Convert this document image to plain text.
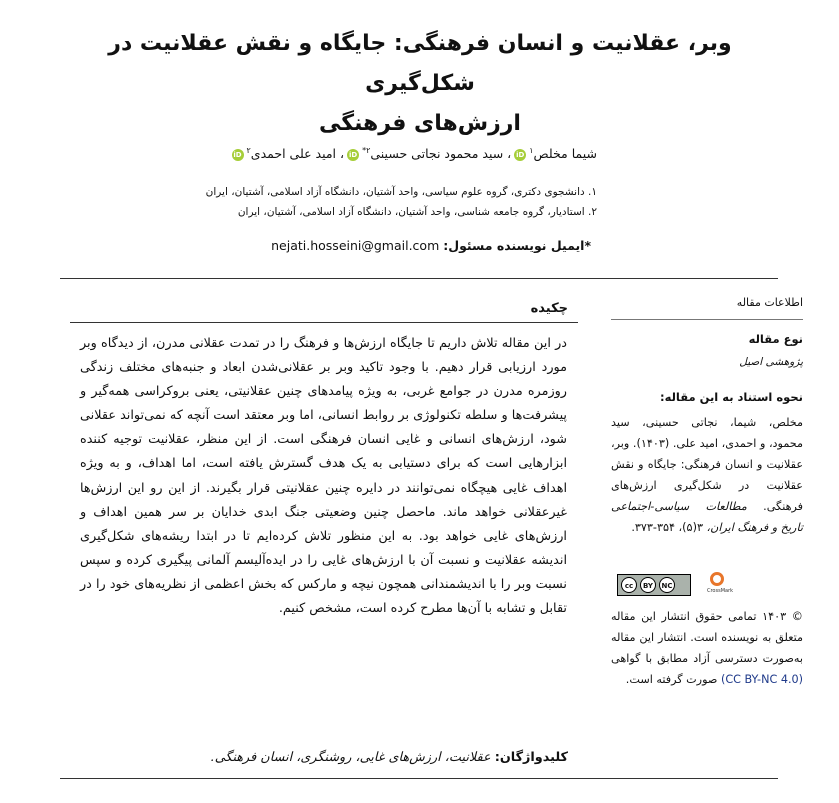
وبر، عقلانیت و انسان فرهنگی: جایگاه و نقش عقلانیت در شکل‌گیری
ارزش‌های فرهنگی
شیما مخلص$^۱$iD، سید محمود نجاتی حسینی$^{۲*}$iD، امید علی احمدی$^۲$iD
۱. دانشجوی دکتری، گروه علوم سیاسی، واحد آشتیان، دانشگاه آزاد اسلامی، آشتیان، ایران
۲. استادیار، گروه جامعه شناسی، واحد آشتیان، دانشگاه آزاد اسلامی، آشتیان، ایران
*ایمیل نویسنده مسئول: nejati.hosseini@gmail.com
اطلاعات مقاله
نوع مقاله
پژوهشی اصیل
نحوه استناد به این مقاله:
مخلص، شیما، نجاتی حسینی، سید محمود، و احمدی، امید علی. (۱۴۰۳). وبر، عقلانیت و انسان فرهنگی: جایگاه و نقش عقلانیت در شکل‌گیری ارزش‌های فرهنگی. مطالعات سیاسی-اجتماعی تاریخ و فرهنگ ایران، ۳(۵)، ۳۵۴-۳۷۳.
cc	BY	NC
CrossMark
© ۱۴۰۳ تمامی حقوق انتشار این مقاله متعلق به نویسنده است. انتشار این مقاله به‌صورت دسترسی آزاد مطابق با گواهی (CC BY-NC 4.0) صورت گرفته است.
چکیده

در این مقاله تلاش داریم تا جایگاه ارزش‌ها و فرهنگ را در تمدت عقلانی مدرن، از دیدگاه وبر مورد ارزیابی قرار دهیم. با وجود تاکید وبر بر عقلانی‌شدن ابعاد و جنبه‌های مختلف زندگی روزمره مدرن در جوامع غربی، به ویژه پیامدهای چنین عقلانیتی، یعنی بروکراسی همه‌گیر و پیشرفت‌ها و سلطه تکنولوژی بر روابط انسانی، اما وبر معتقد است آنچه که نمی‌تواند عقلانی شود، ارزش‌های انسانی و غایی انسان فرهنگی است. از این منظر، عقلانیت توجیه کننده ابزارهایی است که برای دستیابی به یک هدف گسترش یافته است، اما اهداف، و به ویژه اهداف غایی هیچگاه نمی‌توانند در دایره چنین عقلانیتی قرار بگیرند. از این رو این ارزش‌ها غیرعقلانی خواهد ماند. ماحصل چنین وضعیتی جنگ ابدی خدایان بر سر همین اهداف و ارزش‌های غایی خواهد بود. به این منظور تلاش کرده‌ایم تا در ابتدا ریشه‌های شکل‌گیری اندیشه عقلانیت و نسبت آن با ارزش‌های غایی را در ایده‌آلیسم آلمانی پیگیری کرده و سپس نسبت وبر را با اندیشمندانی همچون نیچه و مارکس که بخش اعظمی از نظریه‌های خود را در تقابل و تشابه با آن‌ها مطرح کرده است، مشخص کنیم.

کلیدواژگان: عقلانیت، ارزش‌های غایی، روشنگری، انسان فرهنگی.
